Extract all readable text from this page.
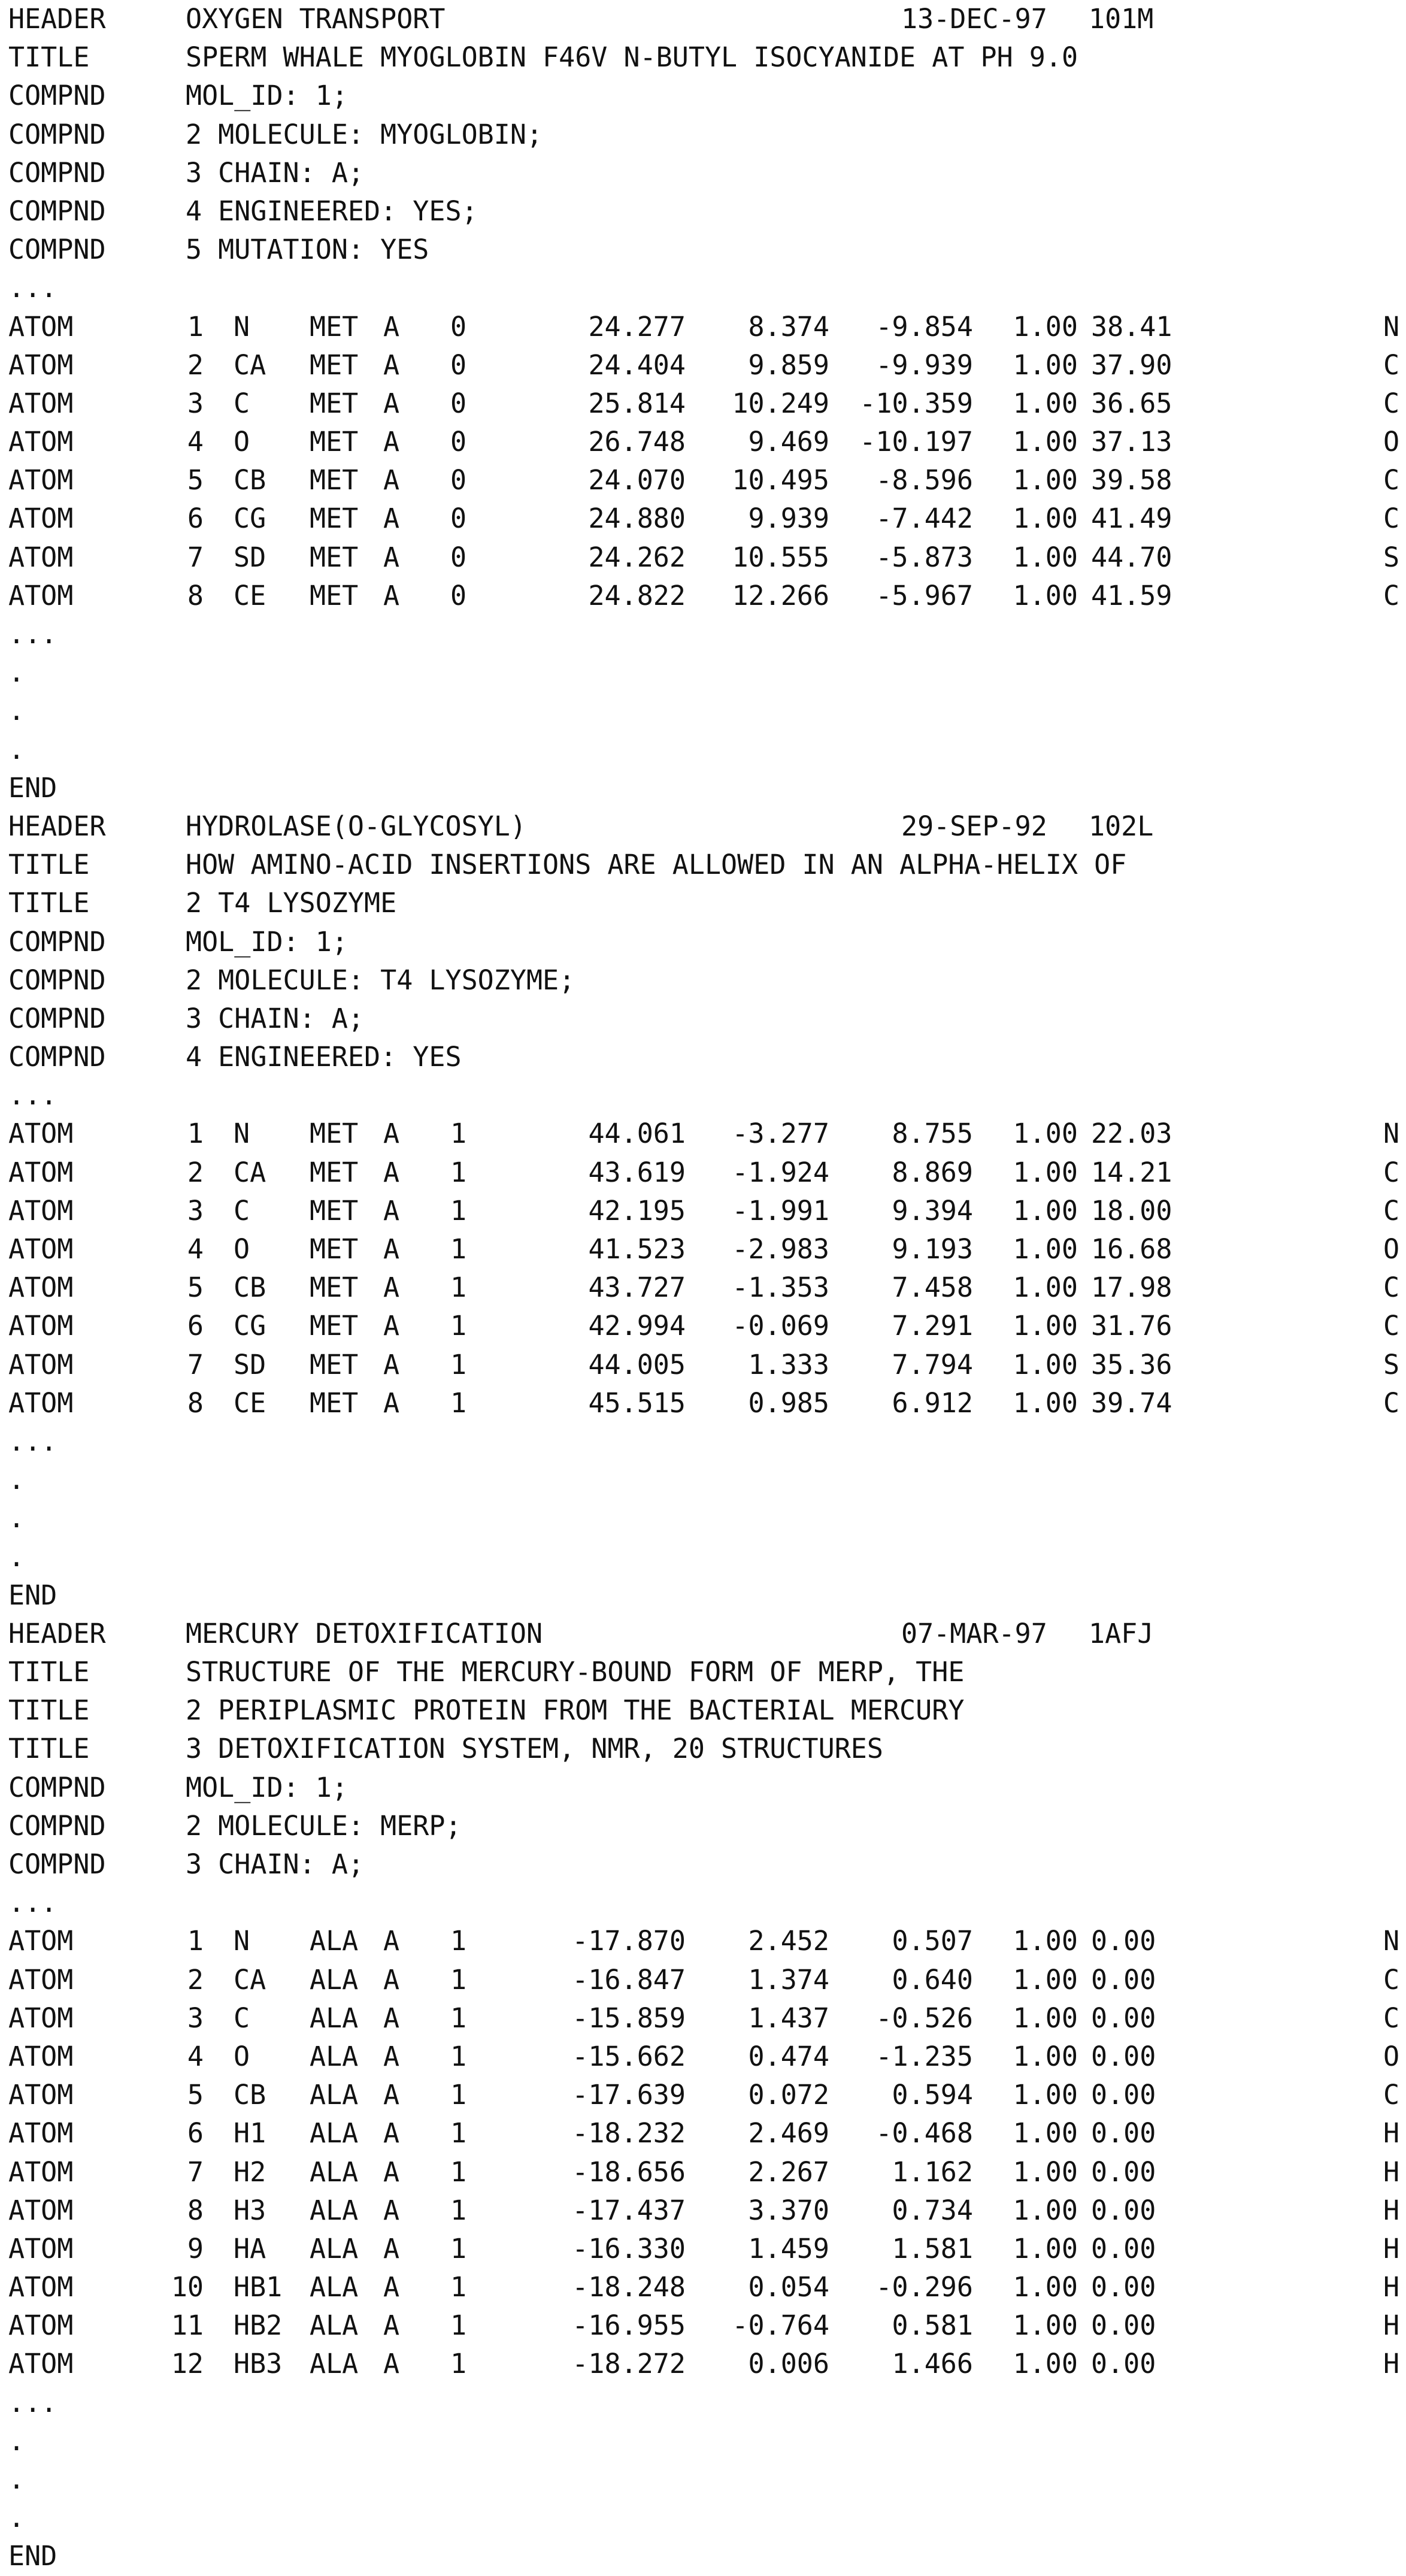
HEADER	OXYGEN TRANSPORT	13-DEC-97 101M
TITLE	SPERM WHALE MYOGLOBIN F46V N-BUTYL ISOCYANIDE AT PH 9.0
COMPND	MOL_ID: 1;
COMPND	2 MOLECULE: MYOGLOBIN;
COMPND	3 CHAIN: A;
COMPND	4 ENGINEERED: YES;
COMPND	5 MUTATION: YES
...
ATOM	1 N MET A 0	24.277 8.374 -9.854 1.00 38.41	N
ATOM	2 CA MET A 0	24.404 9.859 -9.939 1.00 37.90	C
ATOM	3 C MET A 0	25.814 10.249 -10.359 1.00 36.65	C
ATOM	4 O MET A 0	26.748 9.469 -10.197 1.00 37.13	O
ATOM	5 CB MET A 0	24.070 10.495 -8.596 1.00 39.58	C
ATOM	6 CG MET A 0	24.880 9.939 -7.442 1.00 41.49	C
ATOM	7 SD MET A 0	24.262 10.555 -5.873 1.00 44.70	S
ATOM	8 CE MET A 0	24.822 12.266 -5.967 1.00 41.59	C
...
.
.
.
END
HEADER	HYDROLASE(O-GLYCOSYL)	29-SEP-92 102L
TITLE	HOW AMINO-ACID INSERTIONS ARE ALLOWED IN AN ALPHA-HELIX OF
TITLE	2 T4 LYSOZYME
COMPND	MOL_ID: 1;
COMPND	2 MOLECULE: T4 LYSOZYME;
COMPND	3 CHAIN: A;
COMPND	4 ENGINEERED: YES
...
ATOM	1 N MET A 1	44.061 -3.277 8.755 1.00 22.03	N
ATOM	2 CA MET A 1	43.619 -1.924 8.869 1.00 14.21	C
ATOM	3 C MET A 1	42.195 -1.991 9.394 1.00 18.00	C
ATOM	4 O MET A 1	41.523 -2.983 9.193 1.00 16.68	O
ATOM	5 CB MET A 1	43.727 -1.353 7.458 1.00 17.98	C
ATOM	6 CG MET A 1	42.994 -0.069 7.291 1.00 31.76	C
ATOM	7 SD MET A 1	44.005 1.333 7.794 1.00 35.36	S
ATOM	8 CE MET A 1	45.515 0.985 6.912 1.00 39.74	C
...
.
.
.
END
HEADER	MERCURY DETOXIFICATION	07-MAR-97 1AFJ
TITLE	STRUCTURE OF THE MERCURY-BOUND FORM OF MERP, THE
TITLE	2 PERIPLASMIC PROTEIN FROM THE BACTERIAL MERCURY
TITLE	3 DETOXIFICATION SYSTEM, NMR, 20 STRUCTURES
COMPND	MOL_ID: 1;
COMPND	2 MOLECULE: MERP;
COMPND	3 CHAIN: A;
...
ATOM	1 N ALA A 1	-17.870 2.452 0.507 1.00 0.00	N
ATOM	2 CA ALA A 1	-16.847 1.374 0.640 1.00 0.00	C
ATOM	3 C ALA A 1	-15.859 1.437 -0.526 1.00 0.00	C
ATOM	4 O ALA A 1	-15.662 0.474 -1.235 1.00 0.00	O
ATOM	5 CB ALA A 1	-17.639 0.072 0.594 1.00 0.00	C
ATOM	6 H1 ALA A 1	-18.232 2.469 -0.468 1.00 0.00	H
ATOM	7 H2 ALA A 1	-18.656 2.267 1.162 1.00 0.00	H
ATOM	8 H3 ALA A 1	-17.437 3.370 0.734 1.00 0.00	H
ATOM	9 HA ALA A 1	-16.330 1.459 1.581 1.00 0.00	H
ATOM	10 HB1 ALA A 1	-18.248 0.054 -0.296 1.00 0.00	H
ATOM	11 HB2 ALA A 1	-16.955 -0.764 0.581 1.00 0.00	H
ATOM	12 HB3 ALA A 1	-18.272 0.006 1.466 1.00 0.00	H
...
.
.
.
END
